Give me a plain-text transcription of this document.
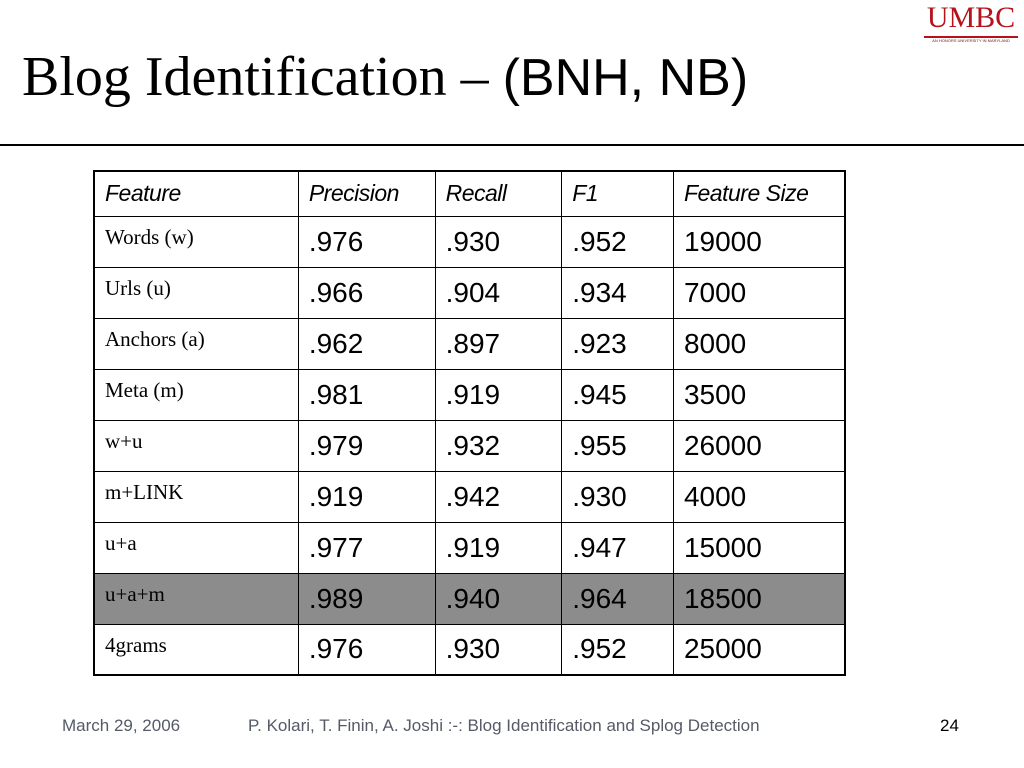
Blog Identification – (BNH, NB)
UMBC
AN HONORS UNIVERSITY IN MARYLAND
Feature	Precision	Recall	F1	Feature Size
Words (w)	.976	.930	.952	19000
Urls (u)	.966	.904	.934	7000
Anchors (a)	.962	.897	.923	8000
Meta (m)	.981	.919	.945	3500
w+u	.979	.932	.955	26000
m+LINK	.919	.942	.930	4000
u+a	.977	.919	.947	15000
u+a+m	.989	.940	.964	18500
4grams	.976	.930	.952	25000
March 29, 2006	P. Kolari, T. Finin, A. Joshi :-: Blog Identification and Splog Detection	24
